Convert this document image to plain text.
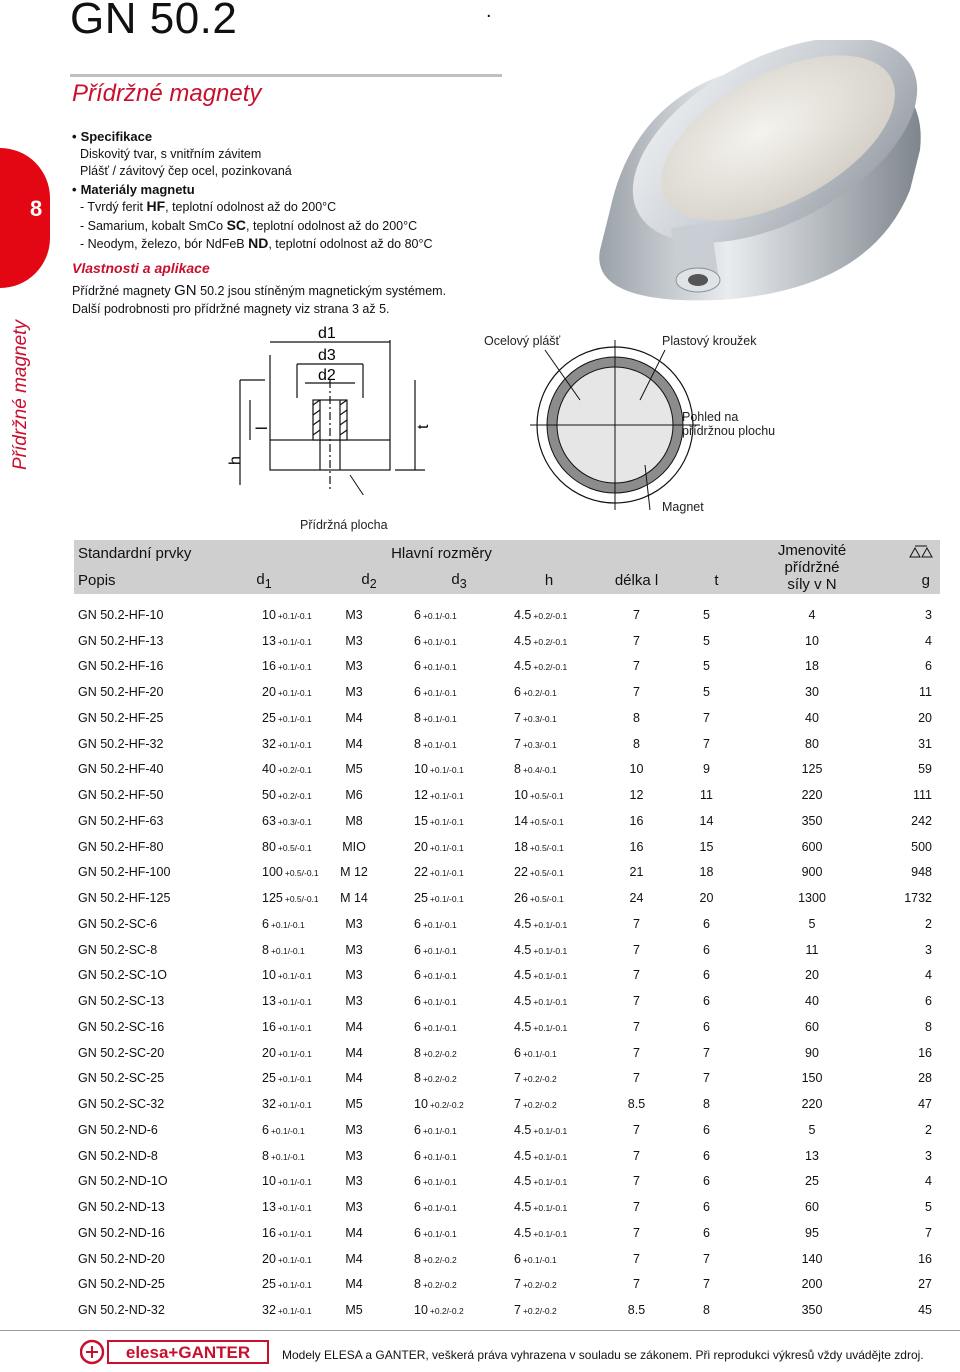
GN 50.2	.
Přídržné magnety
8
Přídržné magnety
• Specifikace
Diskovitý tvar, s vnitřním závitem
Plášť / závitový čep ocel, pozinkovaná
• Materiály magnetu
- Tvrdý ferit HF, teplotní odolnost až do 200°C
- Samarium, kobalt SmCo SC, teplotní odolnost až do 200°C
- Neodym, železo, bór NdFeB ND, teplotní odolnost až do 80°C
Vlastnosti a aplikace
Přídržné magnety GN 50.2 jsou stíněným magnetickým systémem.
Další podrobnosti pro přídržné magnety viz strana 3 až 5.
d1
d3
d2
h
l	t
Přídržná plocha
Ocelový plášť	Plastový kroužek
Pohled na
přídržnou plochu
Magnet
Standardní prvky	Hlavní rozměry						Jmenovité přídržné
síly v N	
Popis	$d_1$	$d_2$	$d_3$	h	délka l	t		g

GN 50.2-HF-10	10 +0.1/-0.1	M3	6 +0.1/-0.1	4.5 +0.2/-0.1	7	5	4	3
GN 50.2-HF-13	13 +0.1/-0.1	M3	6 +0.1/-0.1	4.5 +0.2/-0.1	7	5	10	4
GN 50.2-HF-16	16 +0.1/-0.1	M3	6 +0.1/-0.1	4.5 +0.2/-0.1	7	5	18	6
GN 50.2-HF-20	20 +0.1/-0.1	M3	6 +0.1/-0.1	6 +0.2/-0.1	7	5	30	11
GN 50.2-HF-25	25 +0.1/-0.1	M4	8 +0.1/-0.1	7 +0.3/-0.1	8	7	40	20
GN 50.2-HF-32	32 +0.1/-0.1	M4	8 +0.1/-0.1	7 +0.3/-0.1	8	7	80	31
GN 50.2-HF-40	40 +0.2/-0.1	M5	10 +0.1/-0.1	8 +0.4/-0.1	10	9	125	59
GN 50.2-HF-50	50 +0.2/-0.1	M6	12 +0.1/-0.1	10 +0.5/-0.1	12	11	220	111
GN 50.2-HF-63	63 +0.3/-0.1	M8	15 +0.1/-0.1	14 +0.5/-0.1	16	14	350	242
GN 50.2-HF-80	80 +0.5/-0.1	MIO	20 +0.1/-0.1	18 +0.5/-0.1	16	15	600	500
GN 50.2-HF-100	100 +0.5/-0.1	M 12	22 +0.1/-0.1	22 +0.5/-0.1	21	18	900	948
GN 50.2-HF-125	125 +0.5/-0.1	M 14	25 +0.1/-0.1	26 +0.5/-0.1	24	20	1300	1732
GN 50.2-SC-6	6 +0.1/-0.1	M3	6 +0.1/-0.1	4.5 +0.1/-0.1	7	6	5	2
GN 50.2-SC-8	8 +0.1/-0.1	M3	6 +0.1/-0.1	4.5 +0.1/-0.1	7	6	11	3
GN 50.2-SC-1O	10 +0.1/-0.1	M3	6 +0.1/-0.1	4.5 +0.1/-0.1	7	6	20	4
GN 50.2-SC-13	13 +0.1/-0.1	M3	6 +0.1/-0.1	4.5 +0.1/-0.1	7	6	40	6
GN 50.2-SC-16	16 +0.1/-0.1	M4	6 +0.1/-0.1	4.5 +0.1/-0.1	7	6	60	8
GN 50.2-SC-20	20 +0.1/-0.1	M4	8 +0.2/-0.2	6 +0.1/-0.1	7	7	90	16
GN 50.2-SC-25	25 +0.1/-0.1	M4	8 +0.2/-0.2	7 +0.2/-0.2	7	7	150	28
GN 50.2-SC-32	32 +0.1/-0.1	M5	10 +0.2/-0.2	7 +0.2/-0.2	8.5	8	220	47
GN 50.2-ND-6	6 +0.1/-0.1	M3	6 +0.1/-0.1	4.5 +0.1/-0.1	7	6	5	2
GN 50.2-ND-8	8 +0.1/-0.1	M3	6 +0.1/-0.1	4.5 +0.1/-0.1	7	6	13	3
GN 50.2-ND-1O	10 +0.1/-0.1	M3	6 +0.1/-0.1	4.5 +0.1/-0.1	7	6	25	4
GN 50.2-ND-13	13 +0.1/-0.1	M3	6 +0.1/-0.1	4.5 +0.1/-0.1	7	6	60	5
GN 50.2-ND-16	16 +0.1/-0.1	M4	6 +0.1/-0.1	4.5 +0.1/-0.1	7	6	95	7
GN 50.2-ND-20	20 +0.1/-0.1	M4	8 +0.2/-0.2	6 +0.1/-0.1	7	7	140	16
GN 50.2-ND-25	25 +0.1/-0.1	M4	8 +0.2/-0.2	7 +0.2/-0.2	7	7	200	27
GN 50.2-ND-32	32 +0.1/-0.1	M5	10 +0.2/-0.2	7 +0.2/-0.2	8.5	8	350	45
elesa+GANTER	Modely ELESA a GANTER, veškerá práva vyhrazena v souladu se zákonem. Při reprodukci výkresů vždy uvádějte zdroj.
